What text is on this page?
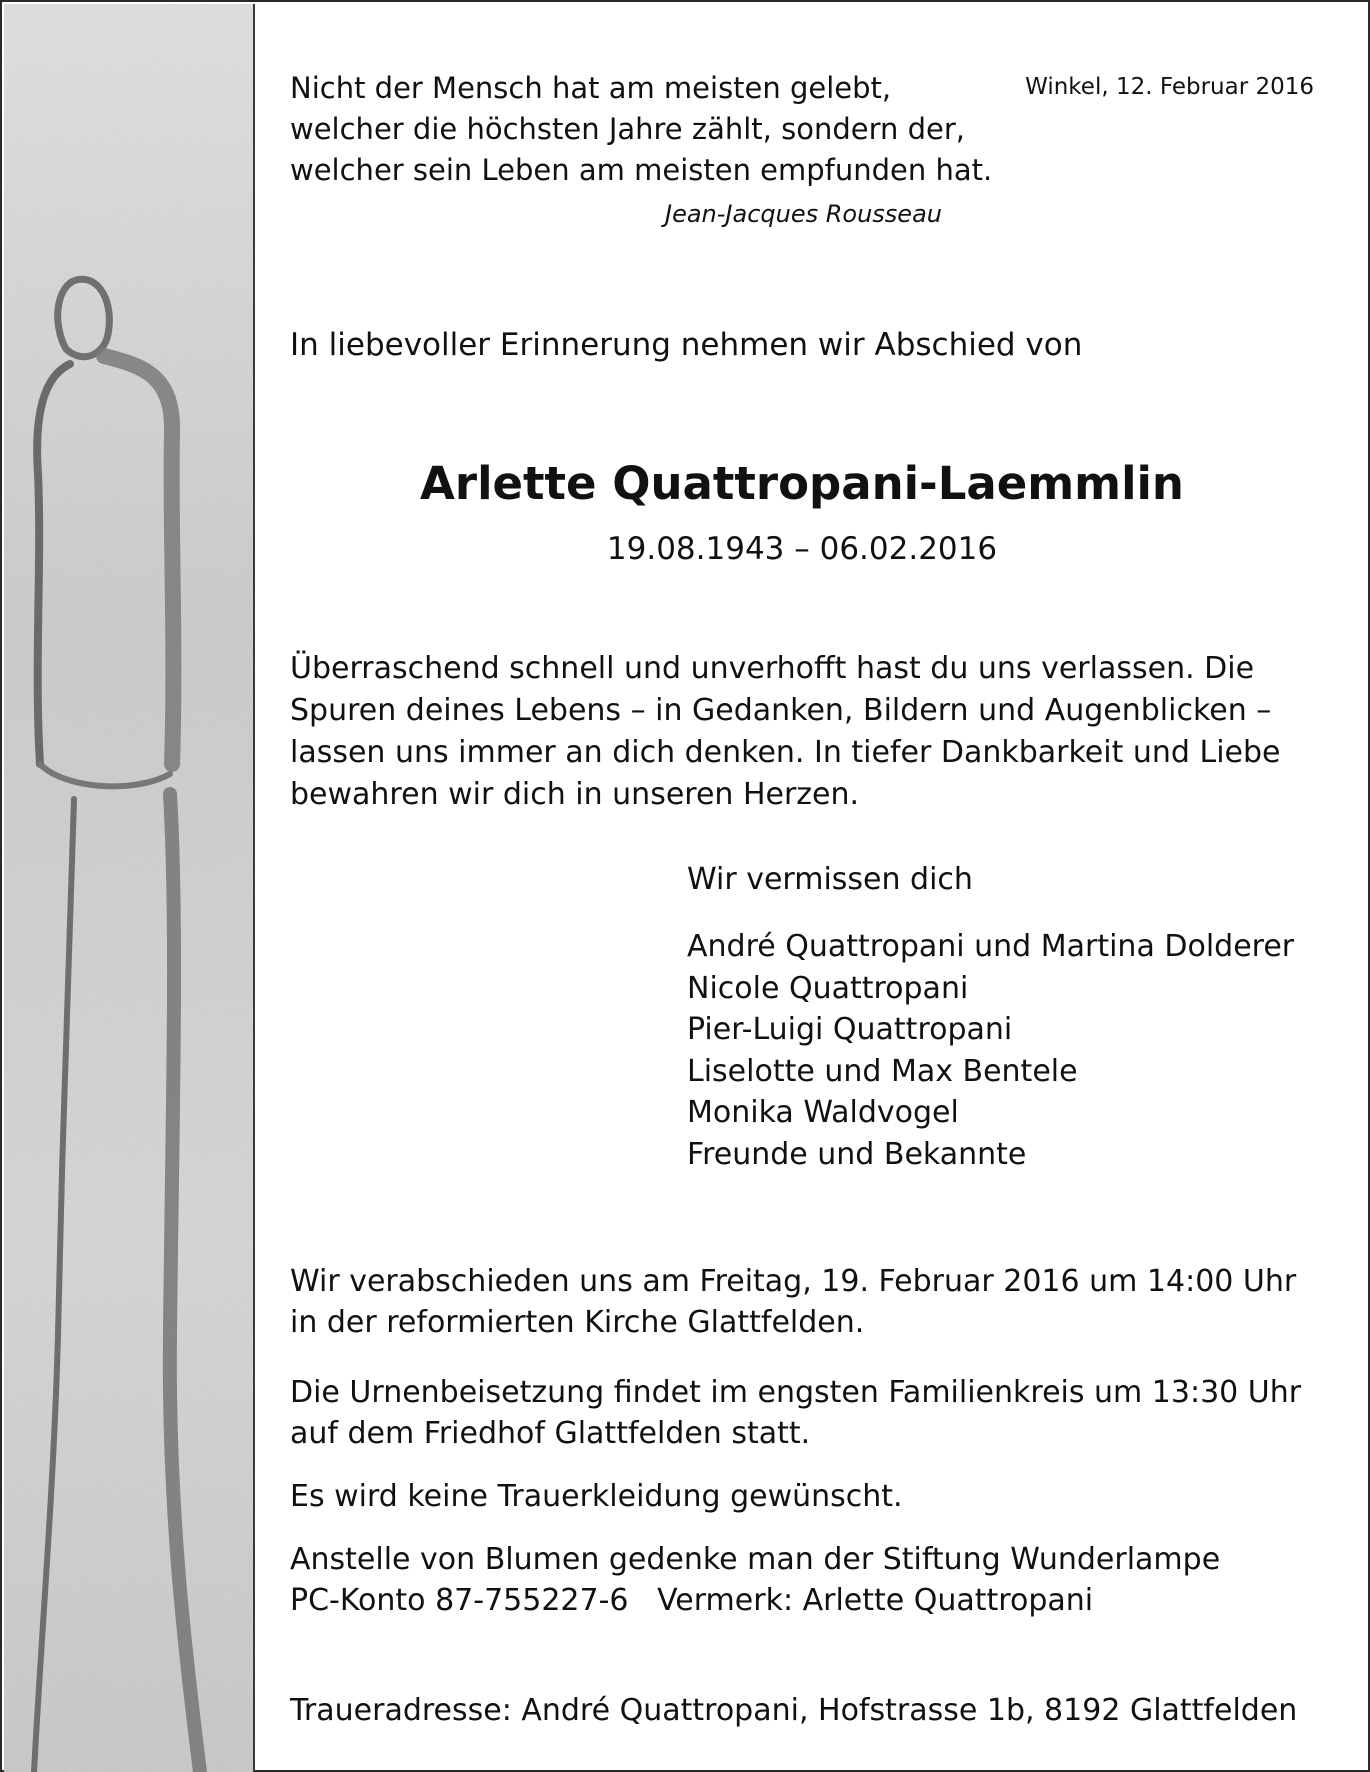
Nicht der Mensch hat am meisten gelebt,
welcher die höchsten Jahre zählt, sondern der,
welcher sein Leben am meisten empfunden hat.
Jean-Jacques Rousseau
Winkel, 12. Februar 2016
In liebevoller Erinnerung nehmen wir Abschied von
Arlette Quattropani-Laemmlin
19.08.1943 – 06.02.2016
Überraschend schnell und unverhofft hast du uns verlassen. Die
Spuren deines Lebens – in Gedanken, Bildern und Augenblicken –
lassen uns immer an dich denken. In tiefer Dankbarkeit und Liebe
bewahren wir dich in unseren Herzen.
Wir vermissen dich
André Quattropani und Martina Dolderer
Nicole Quattropani
Pier-Luigi Quattropani
Liselotte und Max Bentele
Monika Waldvogel
Freunde und Bekannte
Wir verabschieden uns am Freitag, 19. Februar 2016 um 14:00 Uhr
in der reformierten Kirche Glattfelden.
Die Urnenbeisetzung findet im engsten Familienkreis um 13:30 Uhr
auf dem Friedhof Glattfelden statt.
Es wird keine Trauerkleidung gewünscht.
Anstelle von Blumen gedenke man der Stiftung Wunderlampe
PC-Konto 87-755227-6   Vermerk: Arlette Quattropani
Traueradresse: André Quattropani, Hofstrasse 1b, 8192 Glattfelden
